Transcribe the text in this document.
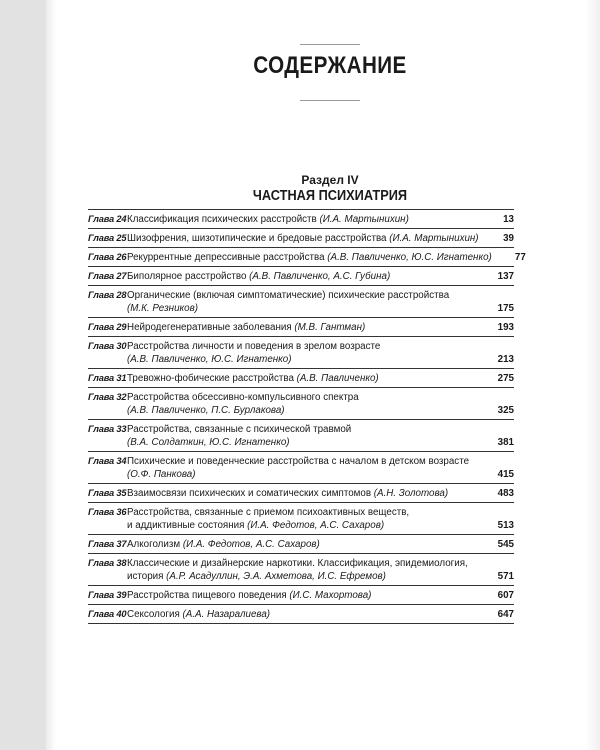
СОДЕРЖАНИЕ
Раздел IV
ЧАСТНАЯ ПСИХИАТРИЯ
Глава 24 Классификация психических расстройств (И.А. Мартынихин)	13
Глава 25 Шизофрения, шизотипические и бредовые расстройства (И.А. Мартынихин)	39
Глава 26 Рекуррентные депрессивные расстройства (А.В. Павличенко, Ю.С. Игнатенко)	77
Глава 27 Биполярное расстройство (А.В. Павличенко, А.С. Губина)	137
Глава 28 Органические (включая симптоматические) психические расстройства
(М.К. Резников)	175
Глава 29 Нейродегенеративные заболевания (М.В. Гантман)	193
Глава 30 Расстройства личности и поведения в зрелом возрасте
(А.В. Павличенко, Ю.С. Игнатенко)	213
Глава 31 Тревожно-фобические расстройства (А.В. Павличенко)	275
Глава 32 Расстройства обсессивно-компульсивного спектра
(А.В. Павличенко, П.С. Бурлакова)	325
Глава 33 Расстройства, связанные с психической травмой
(В.А. Солдаткин, Ю.С. Игнатенко)	381
Глава 34 Психические и поведенческие расстройства с началом в детском возрасте
(О.Ф. Панкова)	415
Глава 35 Взаимосвязи психических и соматических симптомов (А.Н. Золотова)	483
Глава 36 Расстройства, связанные с приемом психоактивных веществ,
и аддиктивные состояния (И.А. Федотов, А.С. Сахаров)	513
Глава 37 Алкоголизм (И.А. Федотов, А.С. Сахаров)	545
Глава 38 Классические и дизайнерские наркотики. Классификация, эпидемиология,
история (А.Р. Асадуллин, Э.А. Ахметова, И.С. Ефремов)	571
Глава 39 Расстройства пищевого поведения (И.С. Махортова)	607
Глава 40 Сексология (А.А. Назаралиева)	647
